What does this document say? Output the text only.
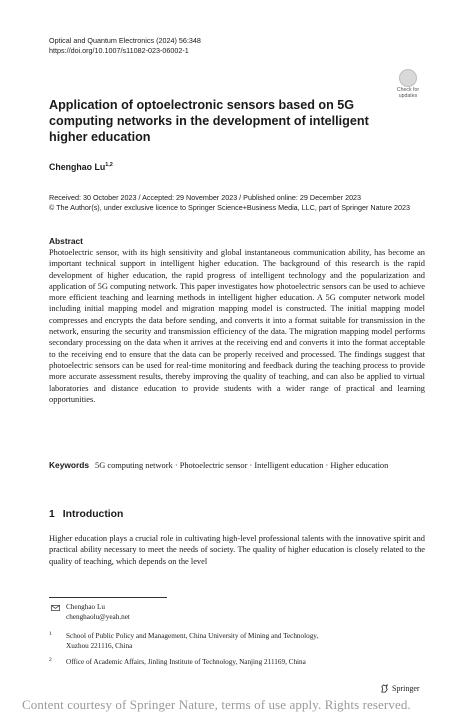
Optical and Quantum Electronics (2024) 56:348
https://doi.org/10.1007/s11082-023-06002-1
Check for
updates
Application of optoelectronic sensors based on 5G computing networks in the development of intelligent higher education
Chenghao Lu$^{1,2}$
Received: 30 October 2023 / Accepted: 29 November 2023 / Published online: 29 December 2023
© The Author(s), under exclusive licence to Springer Science+Business Media, LLC, part of Springer Nature 2023
Abstract
Photoelectric sensor, with its high sensitivity and global instantaneous communication ability, has become an important technical support in intelligent higher education. The background of this research is the rapid development of higher education, the rapid progress of intelligent technology and the popularization and application of 5G computing network. This paper investigates how photoelectric sensors can be used to achieve more efficient teaching and learning methods in intelligent higher education. A 5G computer network model including initial mapping model and migration mapping model is constructed. The initial mapping model compresses and encrypts the data before sending, and converts it into a format suitable for transmission in the network, ensuring the security and transmission efficiency of the data. The migration mapping model performs secondary processing on the data when it arrives at the receiving end and converts it into the format acceptable to the receiving end to ensure that the data can be properly received and processed. The findings suggest that photoelectric sensors can be used for real-time monitoring and feedback during the teaching process to provide more accurate assessment results, thereby improving the quality of teaching, and can also be applied to virtual laboratories and distance education to provide students with a wider range of practical and learning opportunities.
Keywords 5G computing network · Photoelectric sensor · Intelligent education · Higher education
1 Introduction
Higher education plays a crucial role in cultivating high-level professional talents with the innovative spirit and practical ability necessary to meet the needs of society. The quality of higher education is closely related to the quality of teaching, which depends on the level
Chenghao Lu
chenghaolu@yeah.net
1 School of Public Policy and Management, China University of Mining and Technology,
Xuzhou 221116, China
2 Office of Academic Affairs, Jinling Institute of Technology, Nanjing 211169, China
Springer
Content courtesy of Springer Nature, terms of use apply. Rights reserved.
